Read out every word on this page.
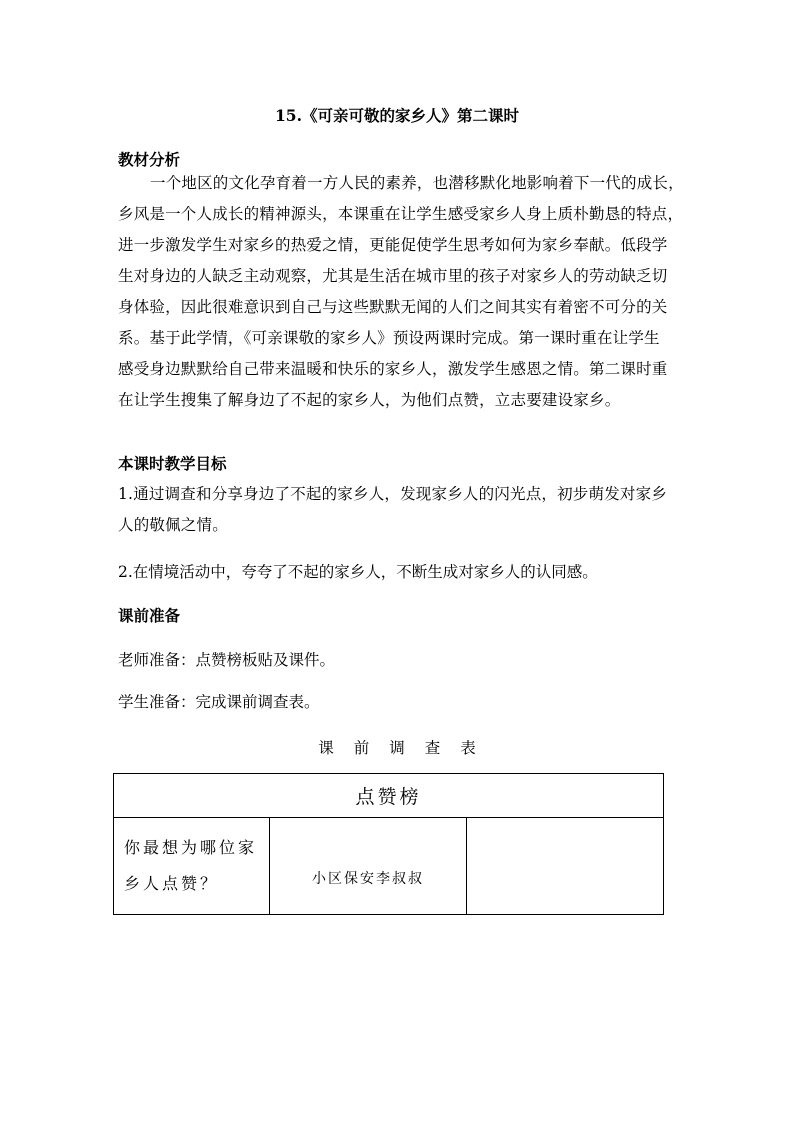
15.《可亲可敬的家乡人》第二课时
教材分析
一个地区的文化孕育着一方人民的素养，也潜移默化地影响着下一代的成长，
乡风是一个人成长的精神源头，本课重在让学生感受家乡人身上质朴勤恳的特点，
进一步激发学生对家乡的热爱之情，更能促使学生思考如何为家乡奉献。低段学
生对身边的人缺乏主动观察，尤其是生活在城市里的孩子对家乡人的劳动缺乏切
身体验，因此很难意识到自己与这些默默无闻的人们之间其实有着密不可分的关
系。基于此学情，《可亲课敬的家乡人》预设两课时完成。第一课时重在让学生
感受身边默默给自己带来温暖和快乐的家乡人，激发学生感恩之情。第二课时重
在让学生搜集了解身边了不起的家乡人，为他们点赞，立志要建设家乡。
本课时教学目标
1.通过调查和分享身边了不起的家乡人，发现家乡人的闪光点，初步萌发对家乡
人的敬佩之情。
2.在情境活动中，夸夸了不起的家乡人，不断生成对家乡人的认同感。
课前准备
老师准备：点赞榜板贴及课件。
学生准备：完成课前调查表。
课前调查表
点赞榜

你最想为哪位家
乡人点赞？	小区保安李叔叔	
